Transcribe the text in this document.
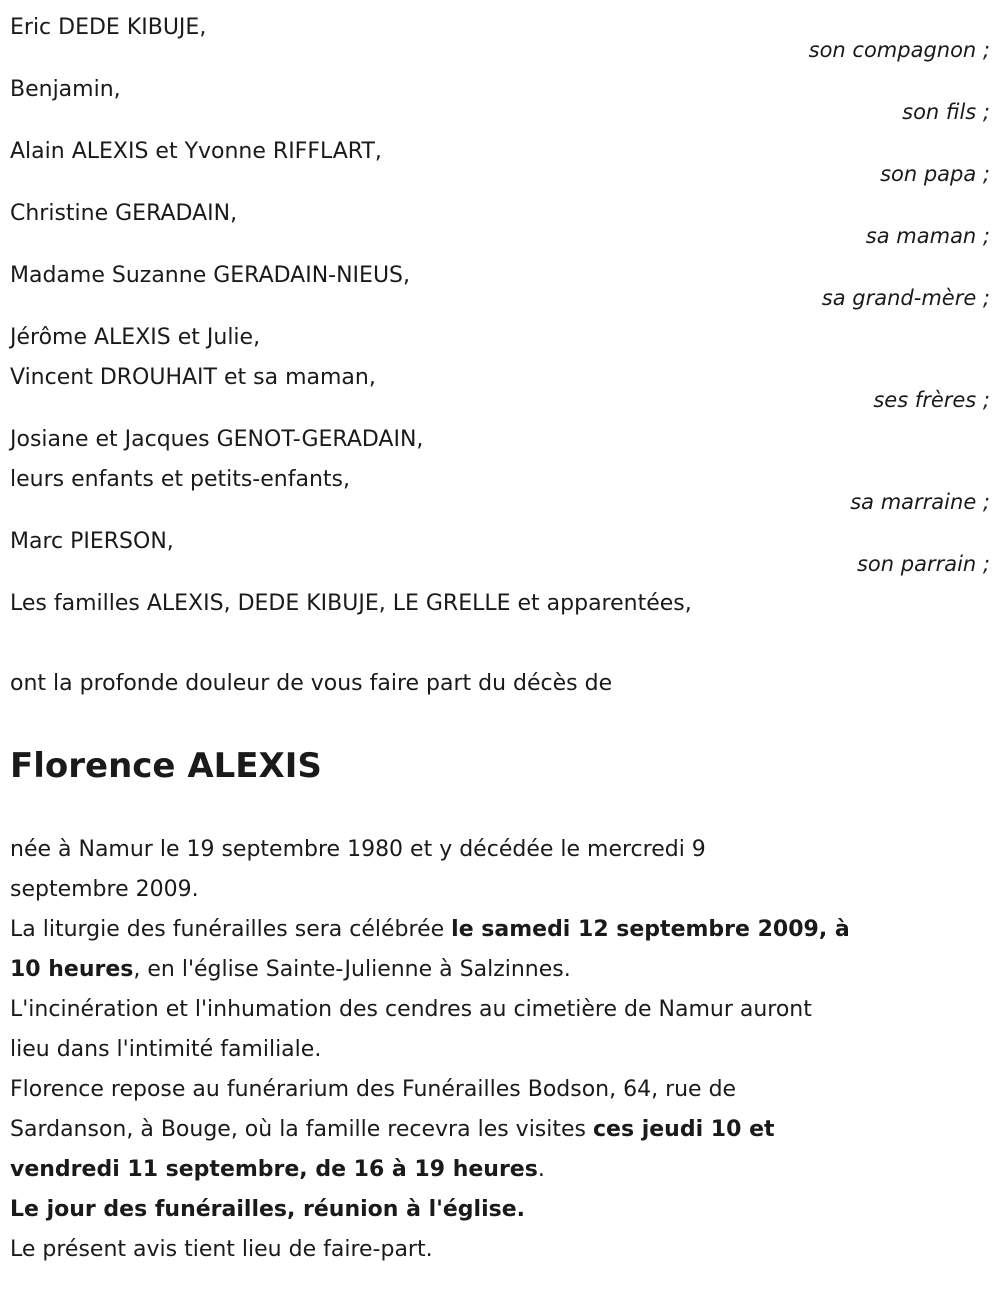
Eric DEDE KIBUJE,
son compagnon ;
Benjamin,
son fils ;
Alain ALEXIS et Yvonne RIFFLART,
son papa ;
Christine GERADAIN,
sa maman ;
Madame Suzanne GERADAIN-NIEUS,
sa grand-mère ;
Jérôme ALEXIS et Julie,
Vincent DROUHAIT et sa maman,
ses frères ;
Josiane et Jacques GENOT-GERADAIN,
leurs enfants et petits-enfants,
sa marraine ;
Marc PIERSON,
son parrain ;
Les familles ALEXIS, DEDE KIBUJE, LE GRELLE et apparentées,
ont la profonde douleur de vous faire part du décès de
Florence ALEXIS
née à Namur le 19 septembre 1980 et y décédée le mercredi 9
septembre 2009.
La liturgie des funérailles sera célébrée le samedi 12 septembre 2009, à
10 heures, en l'église Sainte-Julienne à Salzinnes.
L'incinération et l'inhumation des cendres au cimetière de Namur auront
lieu dans l'intimité familiale.
Florence repose au funérarium des Funérailles Bodson, 64, rue de
Sardanson, à Bouge, où la famille recevra les visites ces jeudi 10 et
vendredi 11 septembre, de 16 à 19 heures.
Le jour des funérailles, réunion à l'église.
Le présent avis tient lieu de faire-part.
